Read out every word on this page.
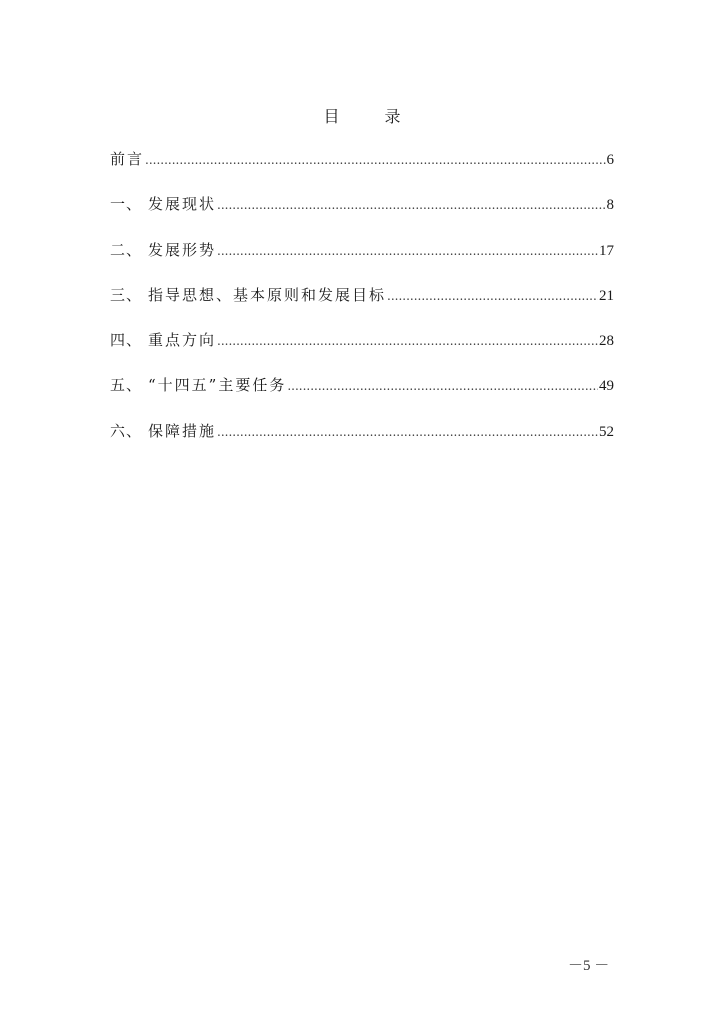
目 录
前言 .....	6
一、 发展现状 .....	8
二、 发展形势 .....	17
三、 指导思想、基本原则和发展目标 .....	21
四、 重点方向 .....	28
五、 “十四五”主要任务 .....	49
六、 保障措施 .....	52
－5 －
